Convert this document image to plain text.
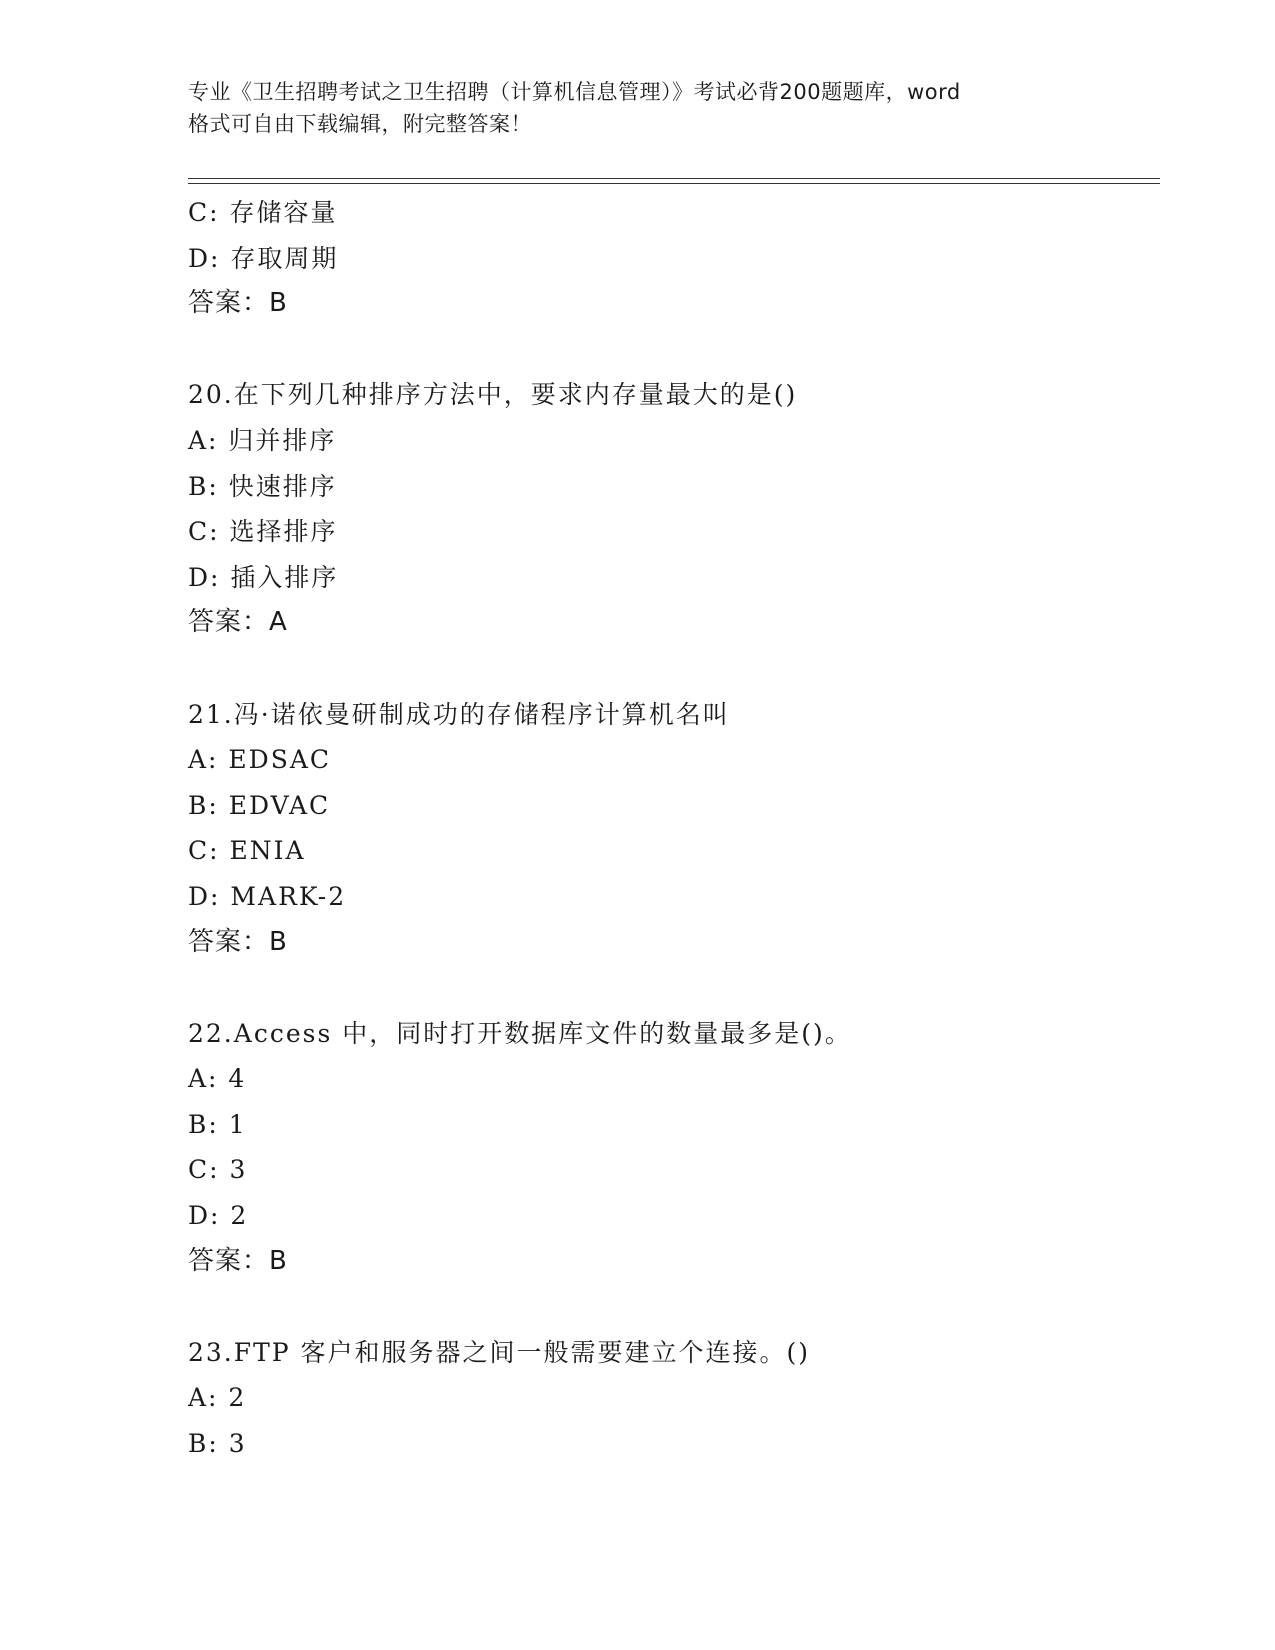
专业《卫生招聘考试之卫生招聘（计算机信息管理）》考试必背200题题库，word
格式可自由下载编辑，附完整答案！
C: 存储容量
D: 存取周期
答案：B
20.在下列几种排序方法中，要求内存量最大的是()
A: 归并排序
B: 快速排序
C: 选择排序
D: 插入排序
答案：A
21.冯·诺依曼研制成功的存储程序计算机名叫
A: EDSAC
B: EDVAC
C: ENIA
D: MARK-2
答案：B
22.Access 中，同时打开数据库文件的数量最多是()。
A: 4
B: 1
C: 3
D: 2
答案：B
23.FTP 客户和服务器之间一般需要建立个连接。()
A: 2
B: 3
